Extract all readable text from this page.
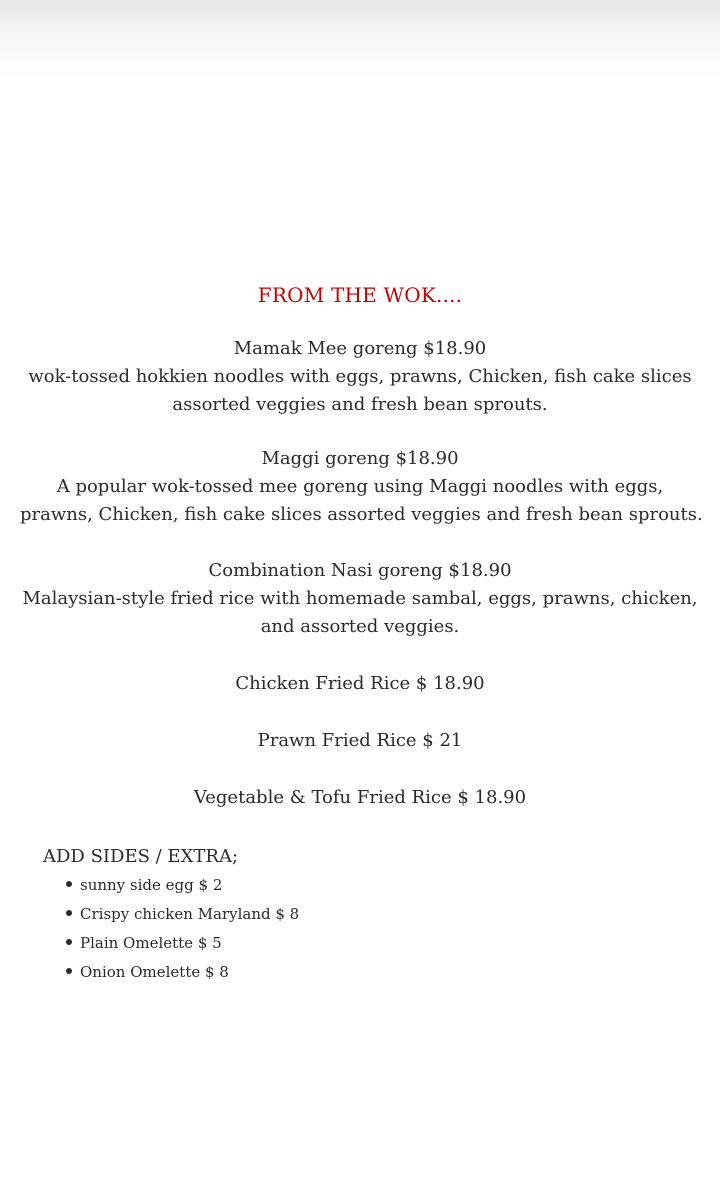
FROM THE WOK....
Mamak Mee goreng $18.90
wok-tossed hokkien noodles with eggs, prawns, Chicken, fish cake slices
assorted veggies and fresh bean sprouts.
Maggi goreng $18.90
A popular wok-tossed mee goreng using Maggi noodles with eggs,
prawns, Chicken, fish cake slices assorted veggies and fresh bean sprouts.
Combination Nasi goreng $18.90
Malaysian-style fried rice with homemade sambal, eggs, prawns, chicken,
and assorted veggies.
Chicken Fried Rice $ 18.90
Prawn Fried Rice $ 21
Vegetable & Tofu Fried Rice $ 18.90
ADD SIDES / EXTRA;
sunny side egg $ 2
Crispy chicken Maryland $ 8
Plain Omelette $ 5
Onion Omelette $ 8
